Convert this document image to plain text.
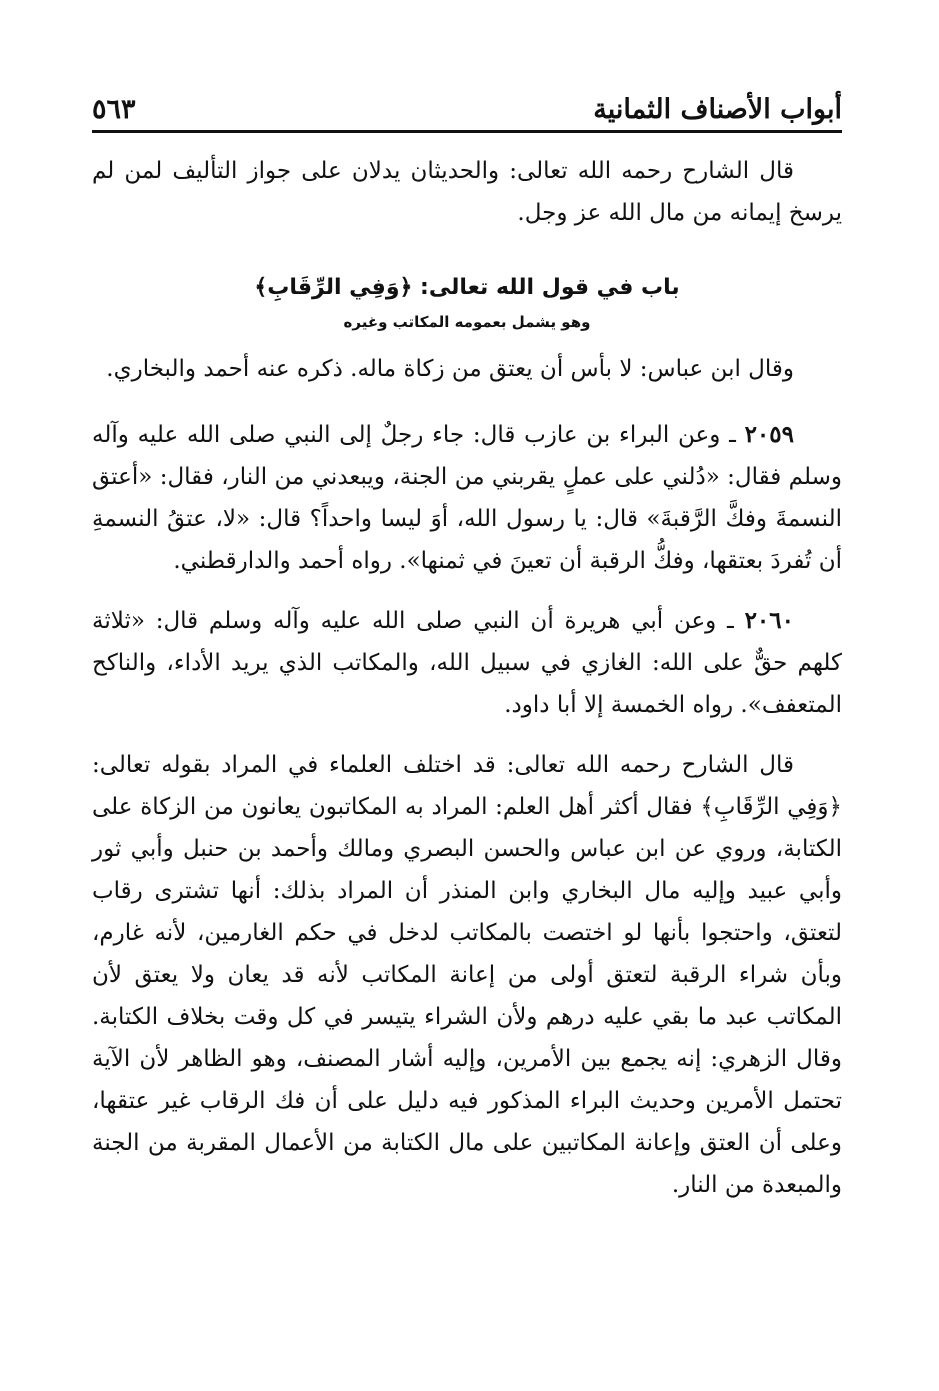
أبواب الأصناف الثمانية
٥٦٣

قال الشارح رحمه الله تعالى: والحديثان يدلان على جواز التأليف لمن لم يرسخ إيمانه من مال الله عز وجل.

باب في قول الله تعالى: ﴿وَفِي الرِّقَابِ﴾
وهو يشمل بعمومه المكاتب وغيره

وقال ابن عباس: لا بأس أن يعتق من زكاة ماله. ذكره عنه أحمد والبخاري.

٢٠٥٩ ـ وعن البراء بن عازب قال: جاء رجلٌ إلى النبي صلى الله عليه وآله وسلم فقال: «دُلني على عملٍ يقربني من الجنة، ويبعدني من النار، فقال: «أعتق النسمةَ وفكَّ الرَّقبةَ» قال: يا رسول الله، أوَ ليسا واحداً؟ قال: «لا، عتقُ النسمةِ أن تُفردَ بعتقها، وفكُّ الرقبة أن تعينَ في ثمنها». رواه أحمد والدارقطني.

٢٠٦٠ ـ وعن أبي هريرة أن النبي صلى الله عليه وآله وسلم قال: «ثلاثة كلهم حقٌّ على الله: الغازي في سبيل الله، والمكاتب الذي يريد الأداء، والناكح المتعفف». رواه الخمسة إلا أبا داود.

قال الشارح رحمه الله تعالى: قد اختلف العلماء في المراد بقوله تعالى: ﴿وَفِي الرِّقَابِ﴾ فقال أكثر أهل العلم: المراد به المكاتبون يعانون من الزكاة على الكتابة، وروي عن ابن عباس والحسن البصري ومالك وأحمد بن حنبل وأبي ثور وأبي عبيد وإليه مال البخاري وابن المنذر أن المراد بذلك: أنها تشترى رقاب لتعتق، واحتجوا بأنها لو اختصت بالمكاتب لدخل في حكم الغارمين، لأنه غارم، وبأن شراء الرقبة لتعتق أولى من إعانة المكاتب لأنه قد يعان ولا يعتق لأن المكاتب عبد ما بقي عليه درهم ولأن الشراء يتيسر في كل وقت بخلاف الكتابة. وقال الزهري: إنه يجمع بين الأمرين، وإليه أشار المصنف، وهو الظاهر لأن الآية تحتمل الأمرين وحديث البراء المذكور فيه دليل على أن فك الرقاب غير عتقها، وعلى أن العتق وإعانة المكاتبين على مال الكتابة من الأعمال المقربة من الجنة والمبعدة من النار.
